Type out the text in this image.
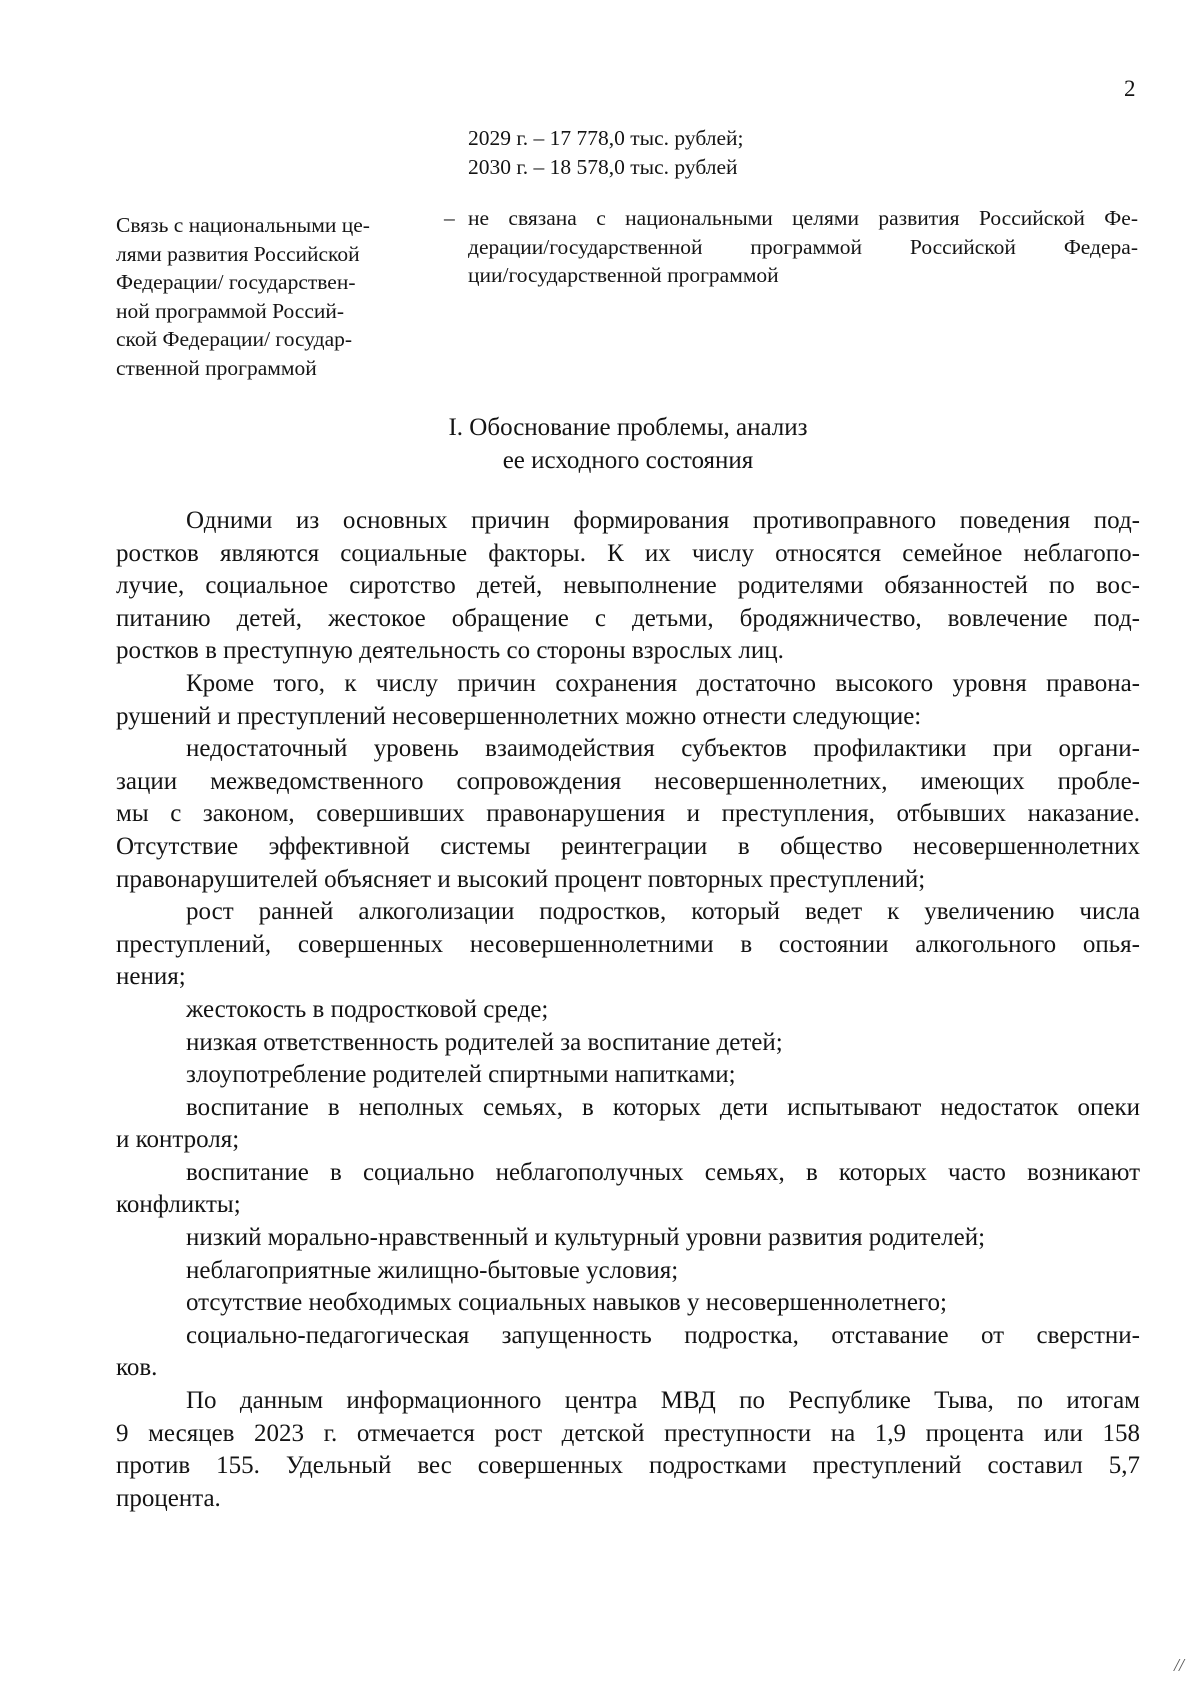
2
2029 г. – 17 778,0 тыс. рублей;
2030 г. – 18 578,0 тыс. рублей
Связь с национальными це-
лями развития Российской
Федерации/ государствен-
ной программой Россий-
ской Федерации/ государ-
ственной программой
– не связана с национальными целями развития Российской Фе-
дерации/государственной программой Российской Федера-
ции/государственной программой
I. Обоснование проблемы, анализ
ее исходного состояния
Одними из основных причин формирования противоправного поведения под-
ростков являются социальные факторы. К их числу относятся семейное неблагопо-
лучие, социальное сиротство детей, невыполнение родителями обязанностей по вос-
питанию детей, жестокое обращение с детьми, бродяжничество, вовлечение под-
ростков в преступную деятельность со стороны взрослых лиц.
Кроме того, к числу причин сохранения достаточно высокого уровня правона-
рушений и преступлений несовершеннолетних можно отнести следующие:
недостаточный уровень взаимодействия субъектов профилактики при органи-
зации межведомственного сопровождения несовершеннолетних, имеющих пробле-
мы с законом, совершивших правонарушения и преступления, отбывших наказание.
Отсутствие эффективной системы реинтеграции в общество несовершеннолетних
правонарушителей объясняет и высокий процент повторных преступлений;
рост ранней алкоголизации подростков, который ведет к увеличению числа
преступлений, совершенных несовершеннолетними в состоянии алкогольного опья-
нения;
жестокость в подростковой среде;
низкая ответственность родителей за воспитание детей;
злоупотребление родителей спиртными напитками;
воспитание в неполных семьях, в которых дети испытывают недостаток опеки
и контроля;
воспитание в социально неблагополучных семьях, в которых часто возникают
конфликты;
низкий морально-нравственный и культурный уровни развития родителей;
неблагоприятные жилищно-бытовые условия;
отсутствие необходимых социальных навыков у несовершеннолетнего;
социально-педагогическая запущенность подростка, отставание от сверстни-
ков.
По данным информационного центра МВД по Республике Тыва, по итогам
9 месяцев 2023 г. отмечается рост детской преступности на 1,9 процента или 158
против 155. Удельный вес совершенных подростками преступлений составил 5,7
процента.
//
